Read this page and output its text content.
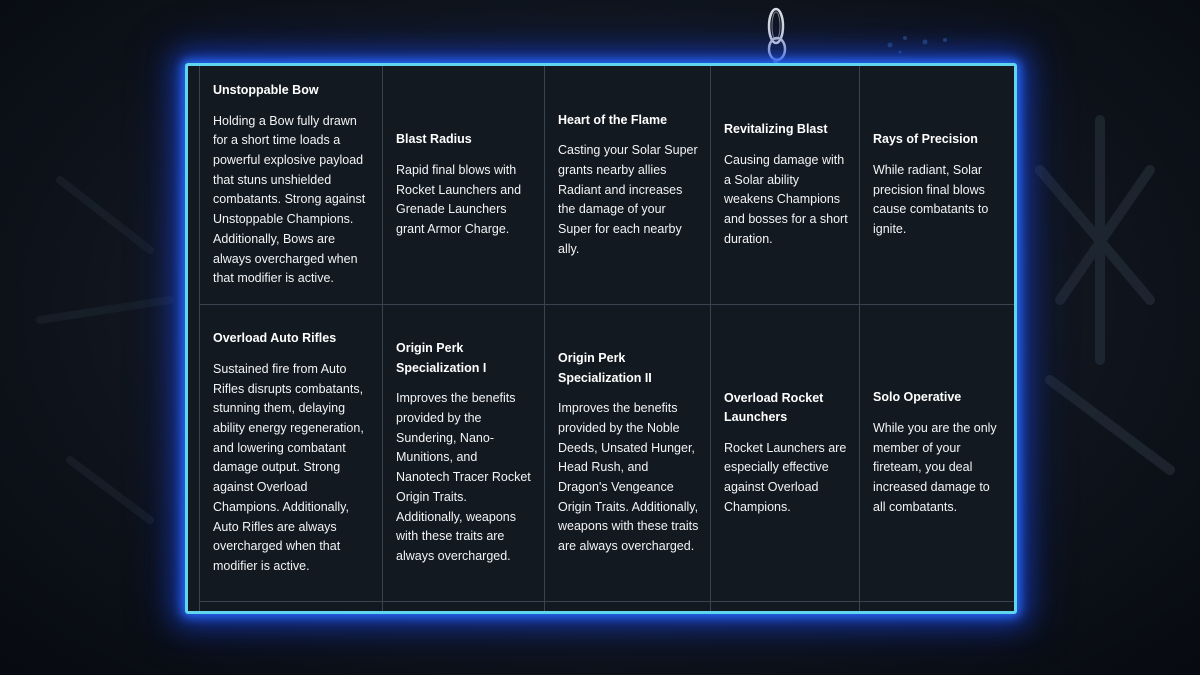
Unstoppable Bow

Holding a Bow fully drawn for a short time loads a powerful explosive payload that stuns unshielded combatants. Strong against Unstoppable Champions. Additionally, Bows are always overcharged when that modifier is active.

Blast Radius

Rapid final blows with Rocket Launchers and Grenade Launchers grant Armor Charge.

Heart of the Flame

Casting your Solar Super grants nearby allies Radiant and increases the damage of your Super for each nearby ally.

Revitalizing Blast

Causing damage with a Solar ability weakens Champions and bosses for a short duration.

Rays of Precision

While radiant, Solar precision final blows cause combatants to ignite.

Overload Auto Rifles

Sustained fire from Auto Rifles disrupts combatants, stunning them, delaying ability energy regeneration, and lowering combatant damage output. Strong against Overload Champions. Additionally, Auto Rifles are always overcharged when that modifier is active.

Origin Perk Specialization I

Improves the benefits provided by the Sundering, Nano-Munitions, and Nanotech Tracer Rocket Origin Traits. Additionally, weapons with these traits are always overcharged.

Origin Perk Specialization II

Improves the benefits provided by the Noble Deeds, Unsated Hunger, Head Rush, and Dragon's Vengeance Origin Traits. Additionally, weapons with these traits are always overcharged.

Overload Rocket Launchers

Rocket Launchers are especially effective against Overload Champions.

Solo Operative

While you are the only member of your fireteam, you deal increased damage to all combatants.
